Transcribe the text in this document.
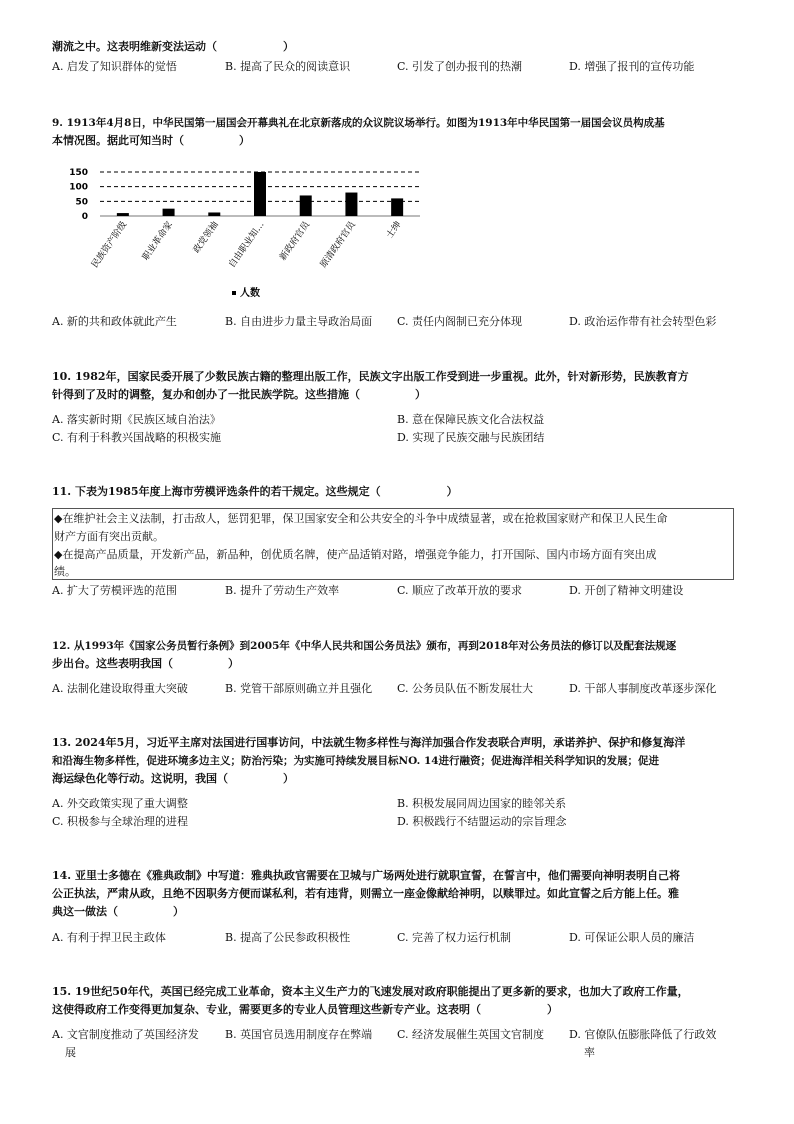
潮流之中。这表明维新变法运动（　　　　　　）
A. 启发了知识群体的觉悟	B. 提高了民众的阅读意识	C. 引发了创办报刊的热潮	D. 增强了报刊的宣传功能
9. 1913年4月8日，中华民国第一届国会开幕典礼在北京新落成的众议院议场举行。如图为1913年中华民国第一届国会议员构成基
本情况图。据此可知当时（　　　　　）
150
100
50
0
民族资产阶级 职业革命家 政党领袖 自由职业知… 新政府官员 原清政府官员	士绅
人数
A. 新的共和政体就此产生	B. 自由进步力量主导政治局面 C. 责任内阁制已充分体现	D. 政治运作带有社会转型色彩
10. 1982年，国家民委开展了少数民族古籍的整理出版工作，民族文字出版工作受到进一步重视。此外，针对新形势，民族教育方
针得到了及时的调整，复办和创办了一批民族学院。这些措施（　　　　　）
A. 落实新时期《民族区域自治法》	B. 意在保障民族文化合法权益
C. 有利于科教兴国战略的积极实施	D. 实现了民族交融与民族团结
11. 下表为1985年度上海市劳模评选条件的若干规定。这些规定（　　　　　　）
◆在维护社会主义法制，打击敌人，惩罚犯罪，保卫国家安全和公共安全的斗争中成绩显著，或在抢救国家财产和保卫人民生命
财产方面有突出贡献。
◆在提高产品质量，开发新产品，新品种，创优质名牌，使产品适销对路，增强竞争能力，打开国际、国内市场方面有突出成
绩。
A. 扩大了劳模评选的范围	B. 提升了劳动生产效率	C. 顺应了改革开放的要求	D. 开创了精神文明建设
12. 从1993年《国家公务员暂行条例》到2005年《中华人民共和国公务员法》颁布，再到2018年对公务员法的修订以及配套法规逐
步出台。这些表明我国（　　　　　）
A. 法制化建设取得重大突破	B. 党管干部原则确立并且强化 C. 公务员队伍不断发展壮大	D. 干部人事制度改革逐步深化
13. 2024年5月，习近平主席对法国进行国事访问，中法就生物多样性与海洋加强合作发表联合声明，承诺养护、保护和修复海洋
和沿海生物多样性，促进环境多边主义；防治污染；为实施可持续发展目标NO. 14进行融资；促进海洋相关科学知识的发展；促进
海运绿色化等行动。这说明，我国（　　　　　）
A. 外交政策实现了重大调整	B. 积极发展同周边国家的睦邻关系
C. 积极参与全球治理的进程	D. 积极践行不结盟运动的宗旨理念
14. 亚里士多德在《雅典政制》中写道：雅典执政官需要在卫城与广场两处进行就职宣誓，在誓言中，他们需要向神明表明自己将
公正执法，严肃从政，且绝不因职务方便而谋私利，若有违背，则需立一座金像献给神明，以赎罪过。如此宣誓之后方能上任。雅
典这一做法（　　　　　）
A. 有利于捍卫民主政体	B. 提高了公民参政积极性	C. 完善了权力运行机制	D. 可保证公职人员的廉洁
15. 19世纪50年代，英国已经完成工业革命，资本主义生产力的飞速发展对政府职能提出了更多新的要求，也加大了政府工作量，
这使得政府工作变得更加复杂、专业，需要更多的专业人员管理这些新专产业。这表明（　　　　　　）
A. 文官制度推动了英国经济发
展
B. 英国官员选用制度存在弊端 C. 经济发展催生英国文官制度 D. 官僚队伍膨胀降低了行政效
率
